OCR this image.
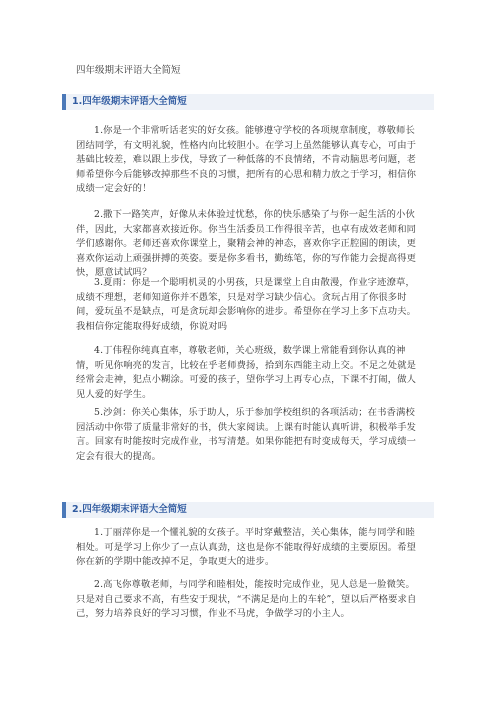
四年级期末评语大全简短
1.四年级期末评语大全简短

1.你是一个非常听话老实的好女孩。能够遵守学校的各项规章制度，尊敬师长团结同学，有文明礼貌，性格内向比较胆小。在学习上虽然能够认真专心，可由于基础比较差，难以跟上步伐，导致了一种低落的不良情绪，不肯动脑思考问题，老师希望你今后能够改掉那些不良的习惯，把所有的心思和精力放之于学习，相信你成绩一定会好的！

2.撒下一路笑声，好像从未体验过忧愁，你的快乐感染了与你一起生活的小伙伴，因此，大家都喜欢接近你。你当生活委员工作得很辛苦，也卓有成效老师和同学们感谢你。老师还喜欢你课堂上，聚精会神的神态，喜欢你字正腔圆的朗读，更喜欢你运动上顽强拼搏的英姿。要是你多看书，勤练笔，你的写作能力会提高得更快，愿意试试吗？

3.夏雨：你是一个聪明机灵的小男孩，只是课堂上自由散漫，作业字迹潦草，成绩不理想，老师知道你并不愚笨，只是对学习缺少信心。贪玩占用了你很多时间，爱玩虽不是缺点，可是贪玩却会影响你的进步。希望你在学习上多下点功夫。我相信你定能取得好成绩，你说对吗

4.丁伟程你纯真直率，尊敬老师，关心班级，数学课上常能看到你认真的神情，听见你响亮的发言，比较在乎老师费扬，拾到东西能主动上交。不足之处就是经常会走神，犯点小糊涂。可爱的孩子，望你学习上再专心点，下课不打闹，做人见人爱的好学生。

5.沙剑：你关心集体，乐于助人，乐于参加学校组织的各项活动；在书香满校园活动中你带了质量非常好的书，供大家阅读。上课有时能认真听讲，积极举手发言。回家有时能按时完成作业，书写清楚。如果你能把有时变成每天，学习成绩一定会有很大的提高。

2.四年级期末评语大全简短

1.丁丽萍你是一个懂礼貌的女孩子。平时穿戴整洁，关心集体，能与同学和睦相处。可是学习上你少了一点认真劲，这也是你不能取得好成绩的主要原因。希望你在新的学期中能改掉不足，争取更大的进步。

2.高飞你尊敬老师，与同学和睦相处，能按时完成作业，见人总是一脸微笑。只是对自己要求不高，有些安于现状，“不满足是向上的车轮”，望以后严格要求自己，努力培养良好的学习习惯，作业不马虎，争做学习的小主人。
